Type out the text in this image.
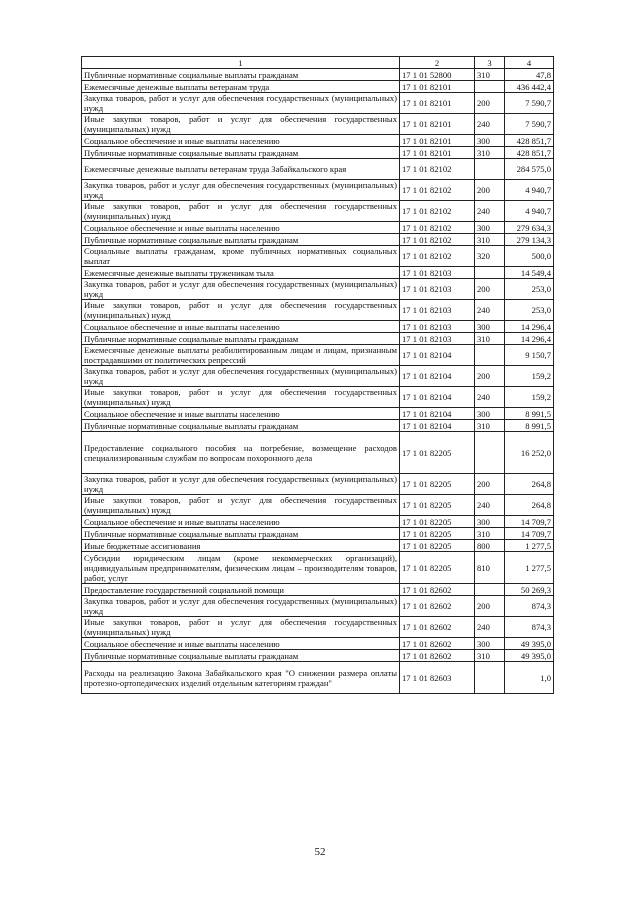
1	2	3	4
Публичные нормативные социальные выплаты гражданам	17 1 01 52800	310	47,8
Ежемесячные денежные выплаты ветеранам труда	17 1 01 82101		436 442,4
Закупка товаров, работ и услуг для обеспечения государственных (муниципальных) нужд	17 1 01 82101	200	7 590,7
Иные закупки товаров, работ и услуг для обеспечения государственных (муниципальных) нужд	17 1 01 82101	240	7 590,7
Социальное обеспечение и иные выплаты населению	17 1 01 82101	300	428 851,7
Публичные нормативные социальные выплаты гражданам	17 1 01 82101	310	428 851,7
Ежемесячные денежные выплаты ветеранам труда Забайкальского края	17 1 01 82102		284 575,0
Закупка товаров, работ и услуг для обеспечения государственных (муниципальных) нужд	17 1 01 82102	200	4 940,7
Иные закупки товаров, работ и услуг для обеспечения государственных (муниципальных) нужд	17 1 01 82102	240	4 940,7
Социальное обеспечение и иные выплаты населению	17 1 01 82102	300	279 634,3
Публичные нормативные социальные выплаты гражданам	17 1 01 82102	310	279 134,3
Социальные выплаты гражданам, кроме публичных нормативных социальных выплат	17 1 01 82102	320	500,0
Ежемесячные денежные выплаты труженикам тыла	17 1 01 82103		14 549,4
Закупка товаров, работ и услуг для обеспечения государственных (муниципальных) нужд	17 1 01 82103	200	253,0
Иные закупки товаров, работ и услуг для обеспечения государственных (муниципальных) нужд	17 1 01 82103	240	253,0
Социальное обеспечение и иные выплаты населению	17 1 01 82103	300	14 296,4
Публичные нормативные социальные выплаты гражданам	17 1 01 82103	310	14 296,4
Ежемесячные денежные выплаты реабилитированным лицам и лицам, признанным пострадавшими от политических репрессий	17 1 01 82104		9 150,7
Закупка товаров, работ и услуг для обеспечения государственных (муниципальных) нужд	17 1 01 82104	200	159,2
Иные закупки товаров, работ и услуг для обеспечения государственных (муниципальных) нужд	17 1 01 82104	240	159,2
Социальное обеспечение и иные выплаты населению	17 1 01 82104	300	8 991,5
Публичные нормативные социальные выплаты гражданам	17 1 01 82104	310	8 991,5
Предоставление социального пособия на погребение, возмещение расходов специализированным службам по вопросам похоронного дела	17 1 01 82205		16 252,0
Закупка товаров, работ и услуг для обеспечения государственных (муниципальных) нужд	17 1 01 82205	200	264,8
Иные закупки товаров, работ и услуг для обеспечения государственных (муниципальных) нужд	17 1 01 82205	240	264,8
Социальное обеспечение и иные выплаты населению	17 1 01 82205	300	14 709,7
Публичные нормативные социальные выплаты гражданам	17 1 01 82205	310	14 709,7
Иные бюджетные ассигнования	17 1 01 82205	800	1 277,5
Субсидии юридическим лицам (кроме некоммерческих организаций), индивидуальным предпринимателям, физическим лицам – производителям товаров, работ, услуг	17 1 01 82205	810	1 277,5
Предоставление государственной социальной помощи	17 1 01 82602		50 269,3
Закупка товаров, работ и услуг для обеспечения государственных (муниципальных) нужд	17 1 01 82602	200	874,3
Иные закупки товаров, работ и услуг для обеспечения государственных (муниципальных) нужд	17 1 01 82602	240	874,3
Социальное обеспечение и иные выплаты населению	17 1 01 82602	300	49 395,0
Публичные нормативные социальные выплаты гражданам	17 1 01 82602	310	49 395,0
Расходы на реализацию Закона Забайкальского края "О снижении размера оплаты протезно-ортопедических изделий отдельным категориям граждан"	17 1 01 82603		1,0
52
